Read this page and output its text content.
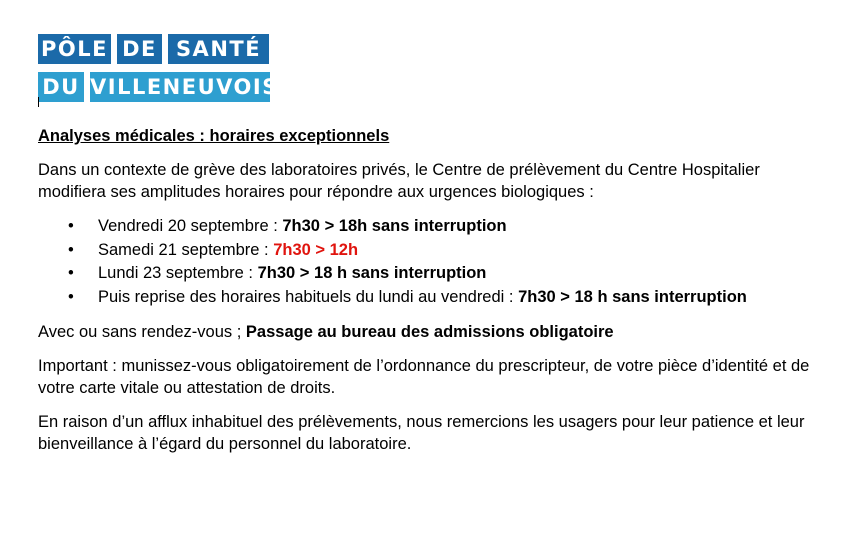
PÔLE DE SANTÉ
DU VILLENEUVOIS
Analyses médicales : horaires exceptionnels

Dans un contexte de grève des laboratoires privés, le Centre de prélèvement du Centre Hospitalier modifiera ses amplitudes horaires pour répondre aux urgences biologiques :

• Vendredi 20 septembre : 7h30 > 18h sans interruption
• Samedi 21 septembre : 7h30 > 12h
• Lundi 23 septembre : 7h30 > 18 h sans interruption
• Puis reprise des horaires habituels du lundi au vendredi : 7h30 > 18 h sans interruption

Avec ou sans rendez-vous ; Passage au bureau des admissions obligatoire

Important : munissez-vous obligatoirement de l’ordonnance du prescripteur, de votre pièce d’identité et de votre carte vitale ou attestation de droits.

En raison d’un afflux inhabituel des prélèvements, nous remercions les usagers pour leur patience et leur bienveillance à l’égard du personnel du laboratoire.
